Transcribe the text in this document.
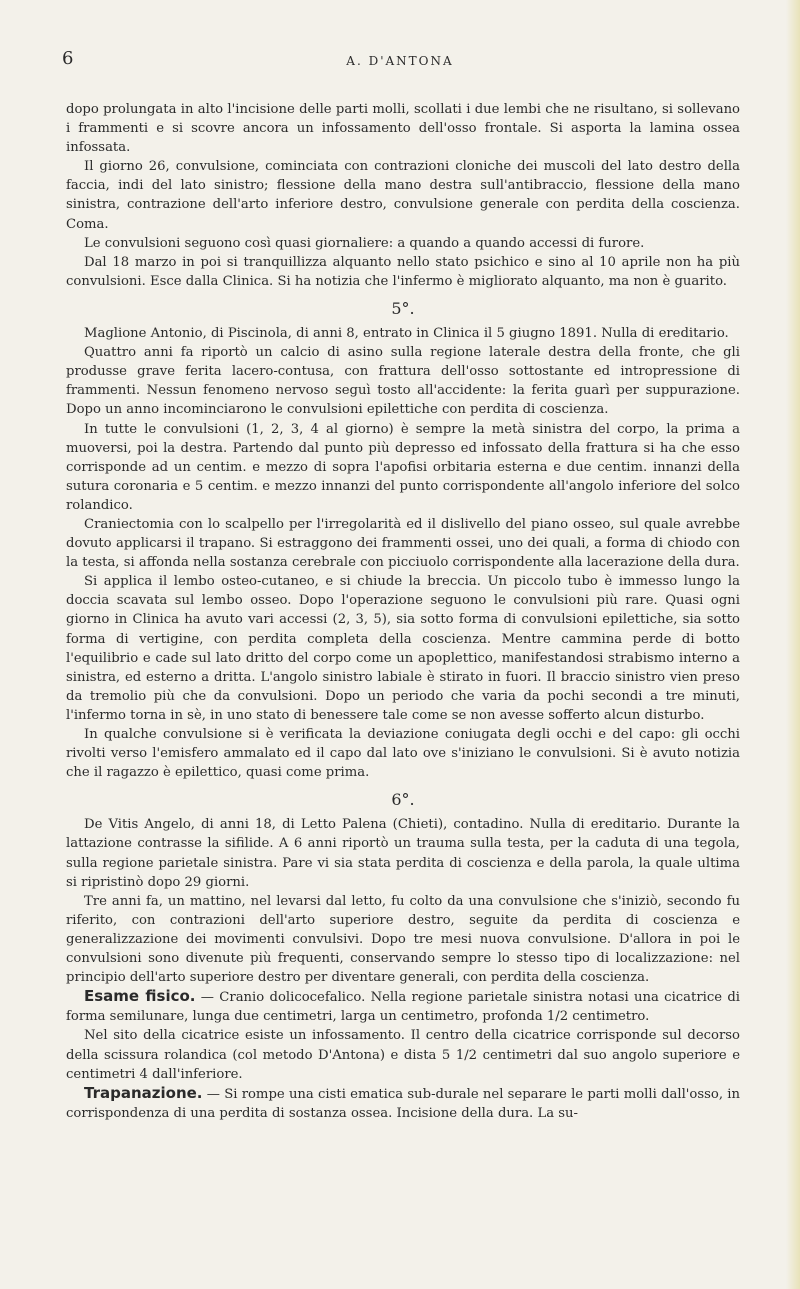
6	A. D'ANTONA

dopo prolungata in alto l'incisione delle parti molli, scollati i due lembi che ne risultano, si sollevano i frammenti e si scovre ancora un infossamento dell'osso frontale. Si asporta la lamina ossea infossata.

Il giorno 26, convulsione, cominciata con contrazioni cloniche dei muscoli del lato destro della faccia, indi del lato sinistro; flessione della mano destra sull'antibraccio, flessione della mano sinistra, contrazione dell'arto inferiore destro, convulsione generale con perdita della coscienza. Coma.

Le convulsioni seguono così quasi giornaliere: a quando a quando accessi di furore.

Dal 18 marzo in poi si tranquillizza alquanto nello stato psichico e sino al 10 aprile non ha più convulsioni. Esce dalla Clinica. Si ha notizia che l'infermo è migliorato alquanto, ma non è guarito.

5°.

Maglione Antonio, di Piscinola, di anni 8, entrato in Clinica il 5 giugno 1891. Nulla di ereditario.

Quattro anni fa riportò un calcio di asino sulla regione laterale destra della fronte, che gli produsse grave ferita lacero-contusa, con frattura dell'osso sottostante ed intropressione di frammenti. Nessun fenomeno nervoso seguì tosto all'accidente: la ferita guarì per suppurazione. Dopo un anno incominciarono le convulsioni epilettiche con perdita di coscienza.

In tutte le convulsioni (1, 2, 3, 4 al giorno) è sempre la metà sinistra del corpo, la prima a muoversi, poi la destra. Partendo dal punto più depresso ed infossato della frattura si ha che esso corrisponde ad un centim. e mezzo di sopra l'apofisi orbitaria esterna e due centim. innanzi della sutura coronaria e 5 centim. e mezzo innanzi del punto corrispondente all'angolo inferiore del solco rolandico.

Craniectomia con lo scalpello per l'irregolarità ed il dislivello del piano osseo, sul quale avrebbe dovuto applicarsi il trapano. Si estraggono dei frammenti ossei, uno dei quali, a forma di chiodo con la testa, si affonda nella sostanza cerebrale con picciuolo corrispondente alla lacerazione della dura.

Si applica il lembo osteo-cutaneo, e si chiude la breccia. Un piccolo tubo è immesso lungo la doccia scavata sul lembo osseo. Dopo l'operazione seguono le convulsioni più rare. Quasi ogni giorno in Clinica ha avuto vari accessi (2, 3, 5), sia sotto forma di convulsioni epilettiche, sia sotto forma di vertigine, con perdita completa della coscienza. Mentre cammina perde di botto l'equilibrio e cade sul lato dritto del corpo come un apoplettico, manifestandosi strabismo interno a sinistra, ed esterno a dritta. L'angolo sinistro labiale è stirato in fuori. Il braccio sinistro vien preso da tremolio più che da convulsioni. Dopo un periodo che varia da pochi secondi a tre minuti, l'infermo torna in sè, in uno stato di benessere tale come se non avesse sofferto alcun disturbo.

In qualche convulsione si è verificata la deviazione coniugata degli occhi e del capo: gli occhi rivolti verso l'emisfero ammalato ed il capo dal lato ove s'iniziano le convulsioni. Si è avuto notizia che il ragazzo è epilettico, quasi come prima.

6°.

De Vitis Angelo, di anni 18, di Letto Palena (Chieti), contadino. Nulla di ereditario. Durante la lattazione contrasse la sifilide. A 6 anni riportò un trauma sulla testa, per la caduta di una tegola, sulla regione parietale sinistra. Pare vi sia stata perdita di coscienza e della parola, la quale ultima si ripristinò dopo 29 giorni.

Tre anni fa, un mattino, nel levarsi dal letto, fu colto da una convulsione che s'iniziò, secondo fu riferito, con contrazioni dell'arto superiore destro, seguite da perdita di coscienza e generalizzazione dei movimenti convulsivi. Dopo tre mesi nuova convulsione. D'allora in poi le convulsioni sono divenute più frequenti, conservando sempre lo stesso tipo di localizzazione: nel principio dell'arto superiore destro per diventare generali, con perdita della coscienza.

Esame fisico. — Cranio dolicocefalico. Nella regione parietale sinistra notasi una cicatrice di forma semilunare, lunga due centimetri, larga un centimetro, profonda 1/2 centimetro.

Nel sito della cicatrice esiste un infossamento. Il centro della cicatrice corrisponde sul decorso della scissura rolandica (col metodo D'Antona) e dista 5 1/2 centimetri dal suo angolo superiore e centimetri 4 dall'inferiore.

Trapanazione. — Si rompe una cisti ematica sub-durale nel separare le parti molli dall'osso, in corrispondenza di una perdita di sostanza ossea. Incisione della dura. La su-
